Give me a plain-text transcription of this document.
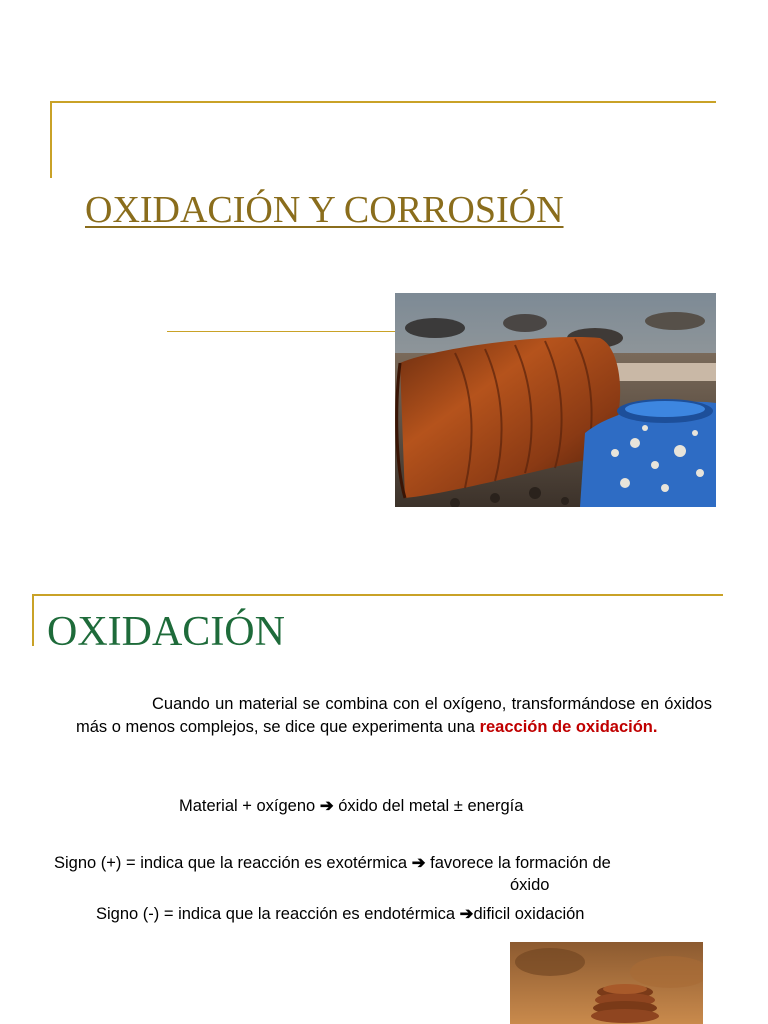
OXIDACIÓN Y CORROSIÓN
OXIDACIÓN

Cuando un material se combina con el oxígeno, transformándose en óxidos más o menos complejos, se dice que experimenta una reacción de oxidación.

Material + oxígeno ➔ óxido del metal ± energía

Signo (+) = indica que la reacción es exotérmica ➔ favorece la formación de

óxido

Signo (-) = indica que la reacción es endotérmica ➔dificil oxidación
